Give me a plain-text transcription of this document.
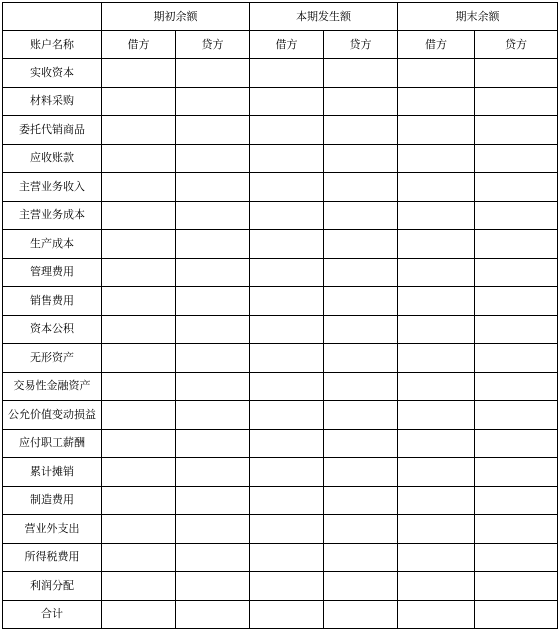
	期初余额		本期发生额		期末余额	
账户名称	借方	贷方	借方	贷方	借方	贷方
实收资本						
材料采购						
委托代销商品						
应收账款						
主营业务收入						
主营业务成本						
生产成本						
管理费用						
销售费用						
资本公积						
无形资产						
交易性金融资产						
公允价值变动损益						
应付职工薪酬						
累计摊销						
制造费用						
营业外支出						
所得税费用						
利润分配						
合计						
